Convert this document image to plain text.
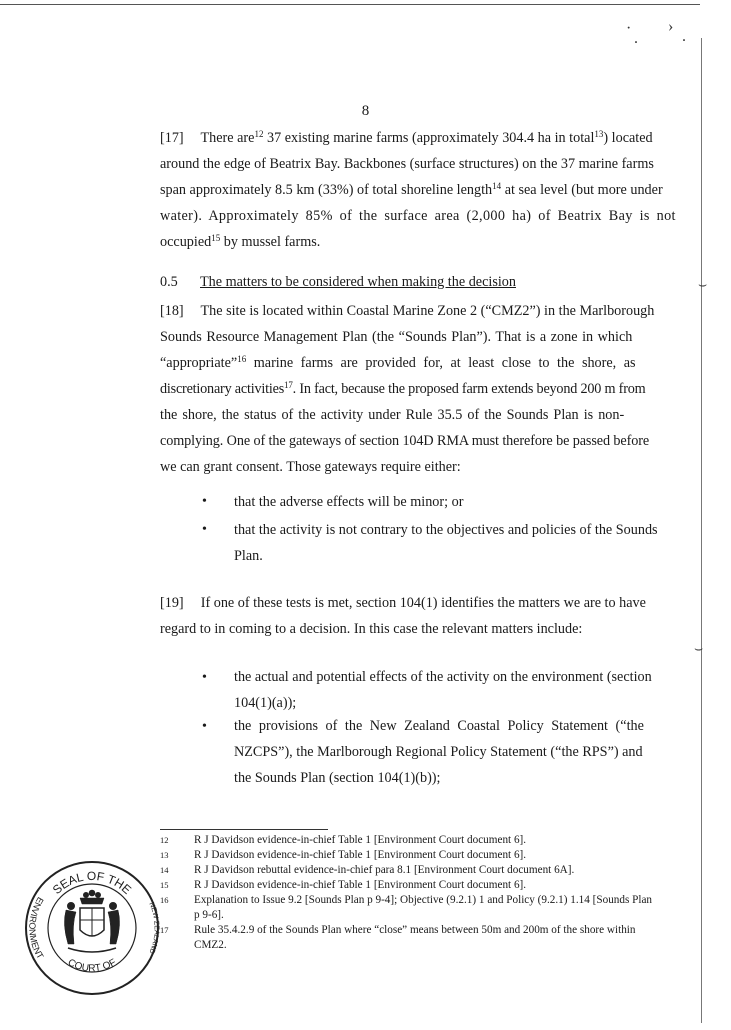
·
.
›
.
⌣
⌣
8
[17] There are$^{12}$ 37 existing marine farms (approximately 304.4 ha in total$^{13}$) located
around the edge of Beatrix Bay. Backbones (surface structures) on the 37 marine farms
span approximately 8.5 km (33%) of total shoreline length$^{14}$ at sea level (but more under
water). Approximately 85% of the surface area (2,000 ha) of Beatrix Bay is not
occupied$^{15}$ by mussel farms.
0.5 The matters to be considered when making the decision
[18] The site is located within Coastal Marine Zone 2 (“CMZ2”) in the Marlborough
Sounds Resource Management Plan (the “Sounds Plan”). That is a zone in which
“appropriate”$^{16}$ marine farms are provided for, at least close to the shore, as
discretionary activities$^{17}$. In fact, because the proposed farm extends beyond 200 m from
the shore, the status of the activity under Rule 35.5 of the Sounds Plan is non-
complying. One of the gateways of section 104D RMA must therefore be passed before
we can grant consent. Those gateways require either:
• that the adverse effects will be minor; or
• that the activity is not contrary to the objectives and policies of the Sounds
Plan.
[19] If one of these tests is met, section 104(1) identifies the matters we are to have
regard to in coming to a decision. In this case the relevant matters include:
• the actual and potential effects of the activity on the environment (section
104(1)(a));
• the provisions of the New Zealand Coastal Policy Statement (“the
NZCPS”), the Marlborough Regional Policy Statement (“the RPS”) and
the Sounds Plan (section 104(1)(b));
12 R J Davidson evidence-in-chief Table 1 [Environment Court document 6].
13 R J Davidson evidence-in-chief Table 1 [Environment Court document 6].
14 R J Davidson rebuttal evidence-in-chief para 8.1 [Environment Court document 6A].
15 R J Davidson evidence-in-chief Table 1 [Environment Court document 6].
16 Explanation to Issue 9.2 [Sounds Plan p 9-4]; Objective (9.2.1) 1 and Policy (9.2.1) 1.14 [Sounds Plan p 9-6].
17 Rule 35.4.2.9 of the Sounds Plan where “close” means between 50m and 200m of the shore within CMZ2.
SEAL OF THE
COURT OF
ENVIRONMENT
NEW ZEALAND
